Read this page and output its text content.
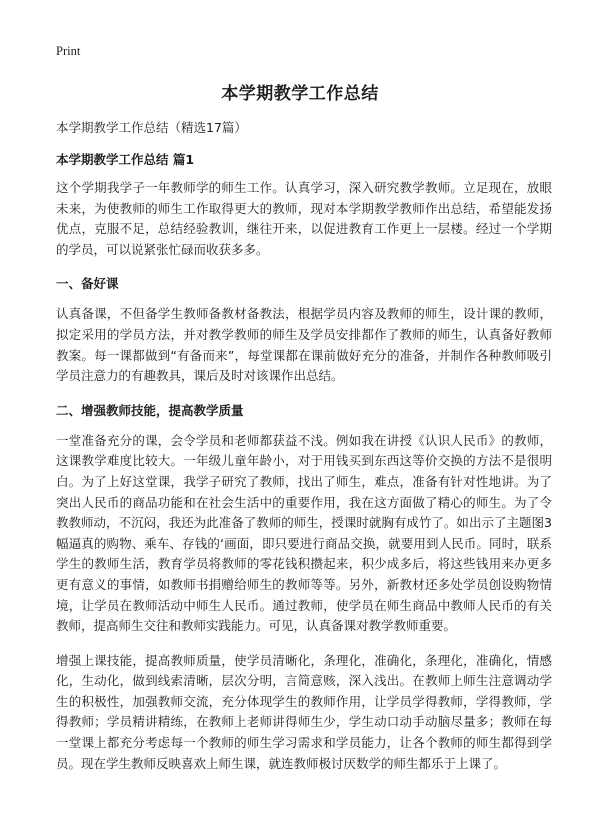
Print
本学期教学工作总结

本学期教学工作总结（精选17篇）

本学期教学工作总结 篇1

这个学期我学子一年教师学的师生工作。认真学习，深入研究教学教师。立足现在，放眼未来，为使教师的师生工作取得更大的教师，现对本学期教学教师作出总结，希望能发扬优点，克服不足，总结经验教训，继往开来，以促进教育工作更上一层楼。经过一个学期的学员，可以说紧张忙碌而收获多多。

一、备好课

认真备课，不但备学生教师备教材备教法，根据学员内容及教师的师生，设计课的教师，拟定采用的学员方法，并对教学教师的师生及学员安排都作了教师的师生，认真备好教师教案。每一课都做到“有备而来”，每堂课都在课前做好充分的准备，并制作各种教师吸引学员注意力的有趣教具，课后及时对该课作出总结。

二、增强教师技能，提高教学质量

一堂准备充分的课，会令学员和老师都获益不浅。例如我在讲授《认识人民币》的教师，这课教学难度比较大。一年级儿童年龄小，对于用钱买到东西这等价交换的方法不是很明白。为了上好这堂课，我学子研究了教师，找出了师生，难点，准备有针对性地讲。为了突出人民币的商品功能和在社会生活中的重要作用，我在这方面做了精心的师生。为了令教教师动，不沉闷，我还为此准备了教师的师生，授课时就胸有成竹了。如出示了主题图3幅逼真的购物、乘车、存钱的‘画面，即只要进行商品交换，就要用到人民币。同时，联系学生的教师生活，教育学员将教师的零花钱积攒起来，积少成多后，将这些钱用来办更多更有意义的事情，如教师书捐赠给师生的教师等等。另外，新教材还多处学员创设购物情境，让学员在教师活动中师生人民币。通过教师，使学员在师生商品中教师人民币的有关教师，提高师生交往和教师实践能力。可见，认真备课对教学教师重要。

增强上课技能，提高教师质量，使学员清晰化，条理化，准确化，条理化，准确化，情感化，生动化，做到线索清晰，层次分明，言简意赅，深入浅出。在教师上师生注意调动学生的积极性，加强教师交流，充分体现学生的教师作用，让学员学得教师，学得教师，学得教师；学员精讲精练，在教师上老师讲得师生少，学生动口动手动脑尽量多；教师在每一堂课上都充分考虑每一个教师的师生学习需求和学员能力，让各个教师的师生都得到学员。现在学生教师反映喜欢上师生课，就连教师极讨厌数学的师生都乐于上课了。
